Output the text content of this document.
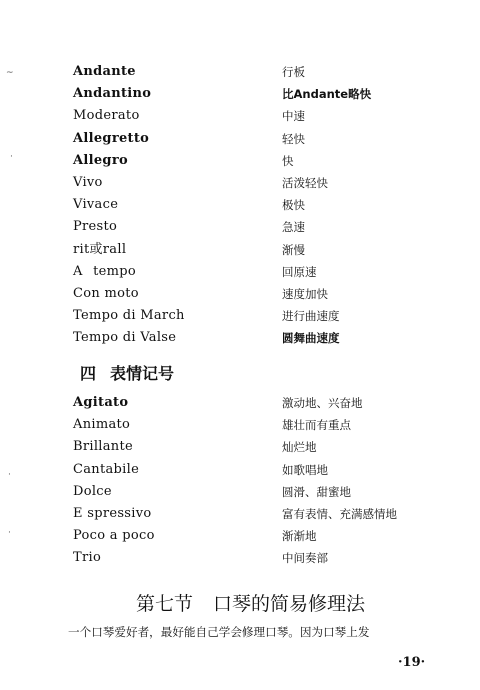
~
·
·
·
Andante	行板
Andantino	比Andante略快
Moderato	中速
Allegretto	轻快
Allegro	快
Vivo	活泼轻快
Vivace	极快
Presto	急速
rit或rall	渐慢
A tempo	回原速
Con moto	速度加快
Tempo di March	进行曲速度
Tempo di Valse	圆舞曲速度
四 表情记号
Agitato	激动地、兴奋地
Animato	雄壮而有重点
Brillante	灿烂地
Cantabile	如歌唱地
Dolce	圆滑、甜蜜地
E spressivo	富有表情、充满感情地
Poco a poco	渐渐地
Trio	中间奏部
第七节 口琴的简易修理法
一个口琴爱好者，最好能自己学会修理口琴。因为口琴上发
·19·
